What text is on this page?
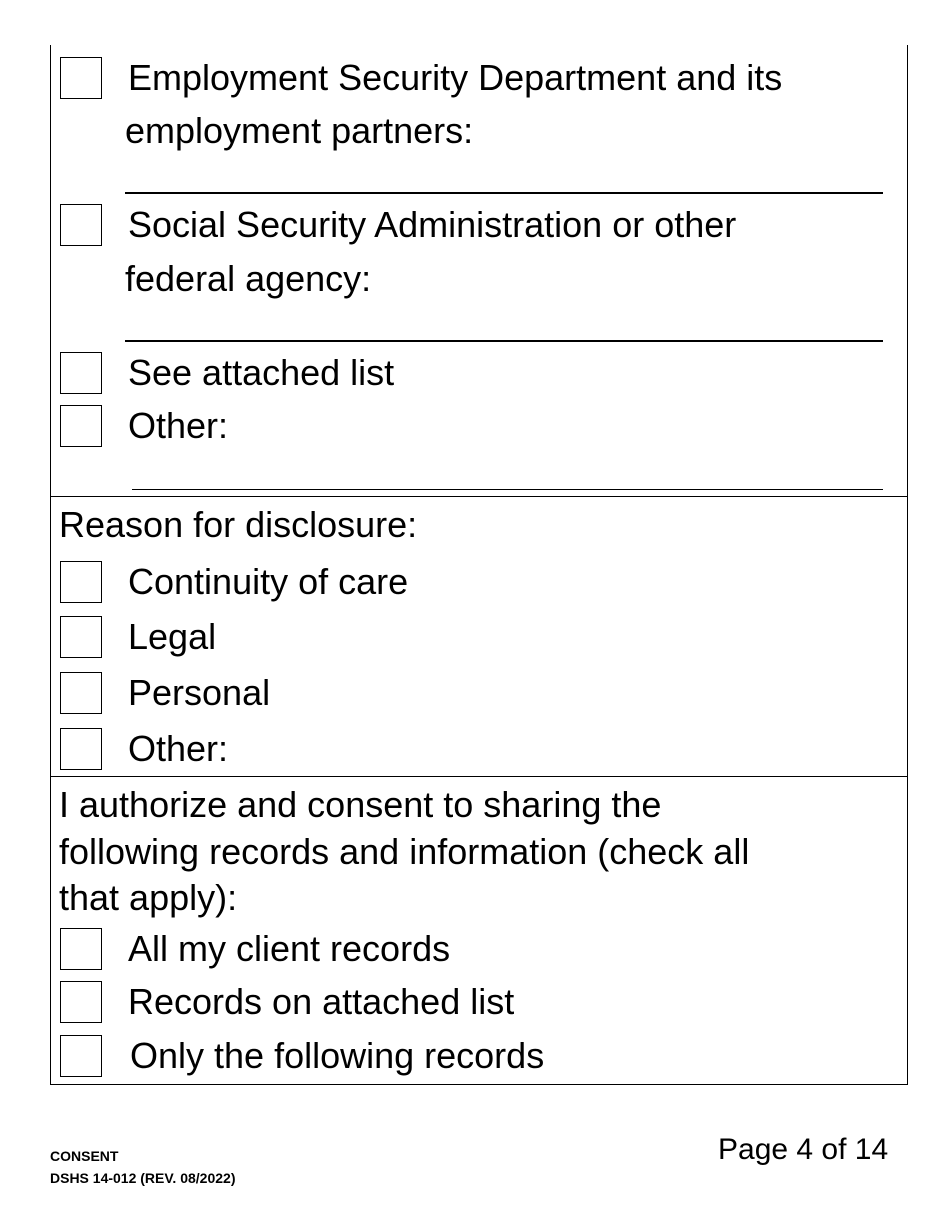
Employment Security Department and its
employment partners:
Social Security Administration or other
federal agency:
See attached list
Other:
Reason for disclosure:
Continuity of care
Legal
Personal
Other:
I authorize and consent to sharing the
following records and information (check all
that apply):
All my client records
Records on attached list
Only the following records
CONSENT
DSHS 14-012 (REV. 08/2022)
Page 4 of 14
